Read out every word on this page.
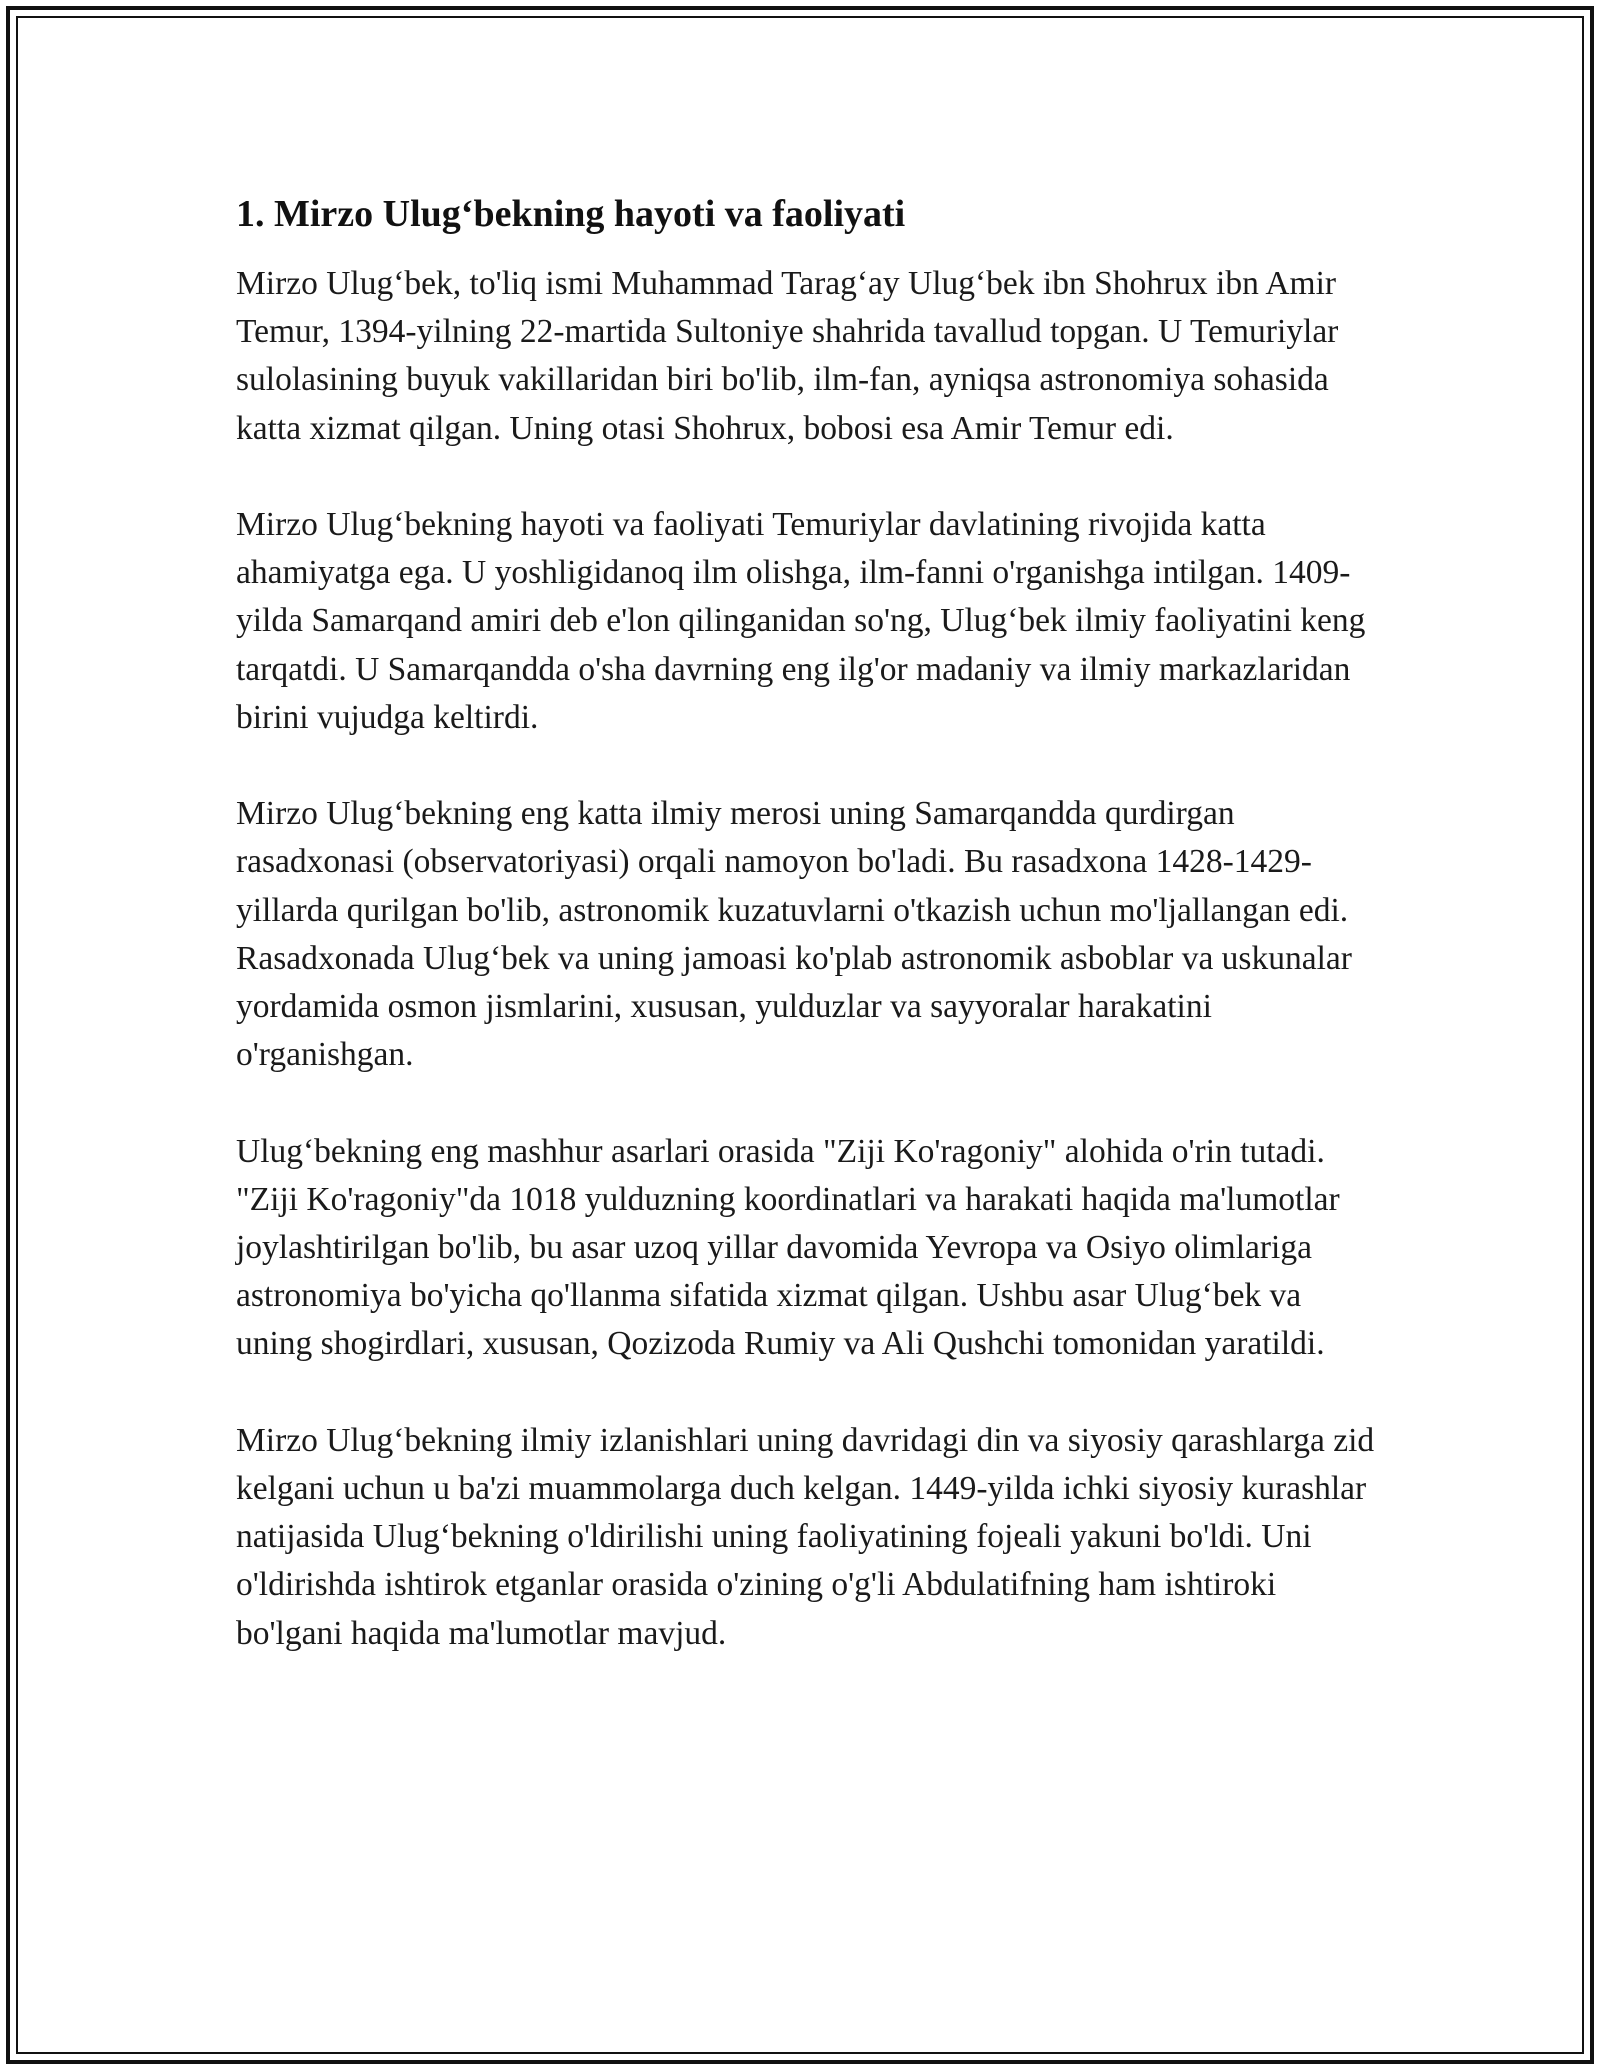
1. Mirzo Ulug‘bekning hayoti va faoliyati

Mirzo Ulug‘bek, to'liq ismi Muhammad Tarag‘ay Ulug‘bek ibn Shohrux ibn Amir Temur, 1394-yilning 22-martida Sultoniye shahrida tavallud topgan. U Temuriylar sulolasining buyuk vakillaridan biri bo'lib, ilm-fan, ayniqsa astronomiya sohasida katta xizmat qilgan. Uning otasi Shohrux, bobosi esa Amir Temur edi.

Mirzo Ulug‘bekning hayoti va faoliyati Temuriylar davlatining rivojida katta ahamiyatga ega. U yoshligidanoq ilm olishga, ilm-fanni o'rganishga intilgan. 1409-yilda Samarqand amiri deb e'lon qilinganidan so'ng, Ulug‘bek ilmiy faoliyatini keng tarqatdi. U Samarqandda o'sha davrning eng ilg'or madaniy va ilmiy markazlaridan birini vujudga keltirdi.

Mirzo Ulug‘bekning eng katta ilmiy merosi uning Samarqandda qurdirgan rasadxonasi (observatoriyasi) orqali namoyon bo'ladi. Bu rasadxona 1428-1429-yillarda qurilgan bo'lib, astronomik kuzatuvlarni o'tkazish uchun mo'ljallangan edi. Rasadxonada Ulug‘bek va uning jamoasi ko'plab astronomik asboblar va uskunalar yordamida osmon jismlarini, xususan, yulduzlar va sayyoralar harakatini o'rganishgan.

Ulug‘bekning eng mashhur asarlari orasida "Ziji Ko'ragoniy" alohida o'rin tutadi. "Ziji Ko'ragoniy"da 1018 yulduzning koordinatlari va harakati haqida ma'lumotlar joylashtirilgan bo'lib, bu asar uzoq yillar davomida Yevropa va Osiyo olimlariga astronomiya bo'yicha qo'llanma sifatida xizmat qilgan. Ushbu asar Ulug‘bek va uning shogirdlari, xususan, Qozizoda Rumiy va Ali Qushchi tomonidan yaratildi.

Mirzo Ulug‘bekning ilmiy izlanishlari uning davridagi din va siyosiy qarashlarga zid kelgani uchun u ba'zi muammolarga duch kelgan. 1449-yilda ichki siyosiy kurashlar natijasida Ulug‘bekning o'ldirilishi uning faoliyatining fojeali yakuni bo'ldi. Uni o'ldirishda ishtirok etganlar orasida o'zining o'g'li Abdulatifning ham ishtiroki bo'lgani haqida ma'lumotlar mavjud.
